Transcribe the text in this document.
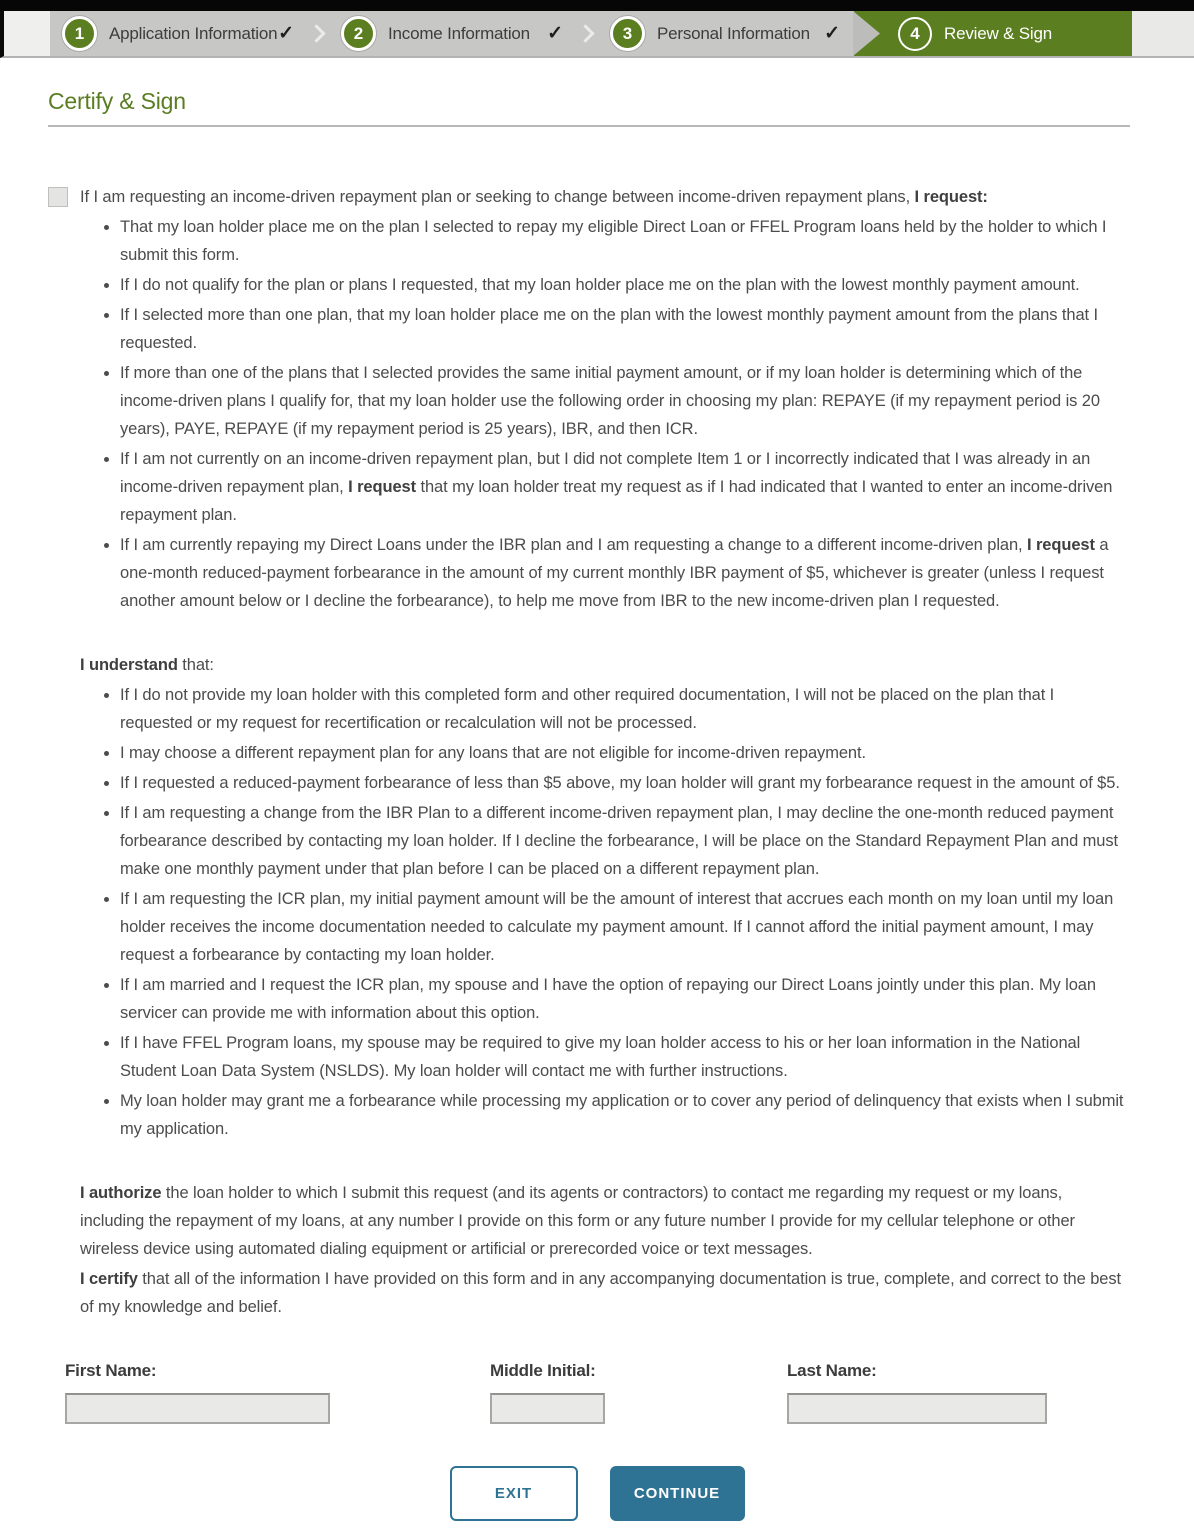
1	Application Information ✓	2	Income Information ✓	3	Personal Information ✓	4	Review & Sign
Certify & Sign

If I am requesting an income-driven repayment plan or seeking to change between income-driven repayment plans, I request:

• That my loan holder place me on the plan I selected to repay my eligible Direct Loan or FFEL Program loans held by the holder to which I submit this form.
• If I do not qualify for the plan or plans I requested, that my loan holder place me on the plan with the lowest monthly payment amount.
• If I selected more than one plan, that my loan holder place me on the plan with the lowest monthly payment amount from the plans that I requested.
• If more than one of the plans that I selected provides the same initial payment amount, or if my loan holder is determining which of the income-driven plans I qualify for, that my loan holder use the following order in choosing my plan: REPAYE (if my repayment period is 20 years), PAYE, REPAYE (if my repayment period is 25 years), IBR, and then ICR.
• If I am not currently on an income-driven repayment plan, but I did not complete Item 1 or I incorrectly indicated that I was already in an income-driven repayment plan, I request that my loan holder treat my request as if I had indicated that I wanted to enter an income-driven repayment plan.
• If I am currently repaying my Direct Loans under the IBR plan and I am requesting a change to a different income-driven plan, I request a one-month reduced-payment forbearance in the amount of my current monthly IBR payment of $5, whichever is greater (unless I request another amount below or I decline the forbearance), to help me move from IBR to the new income-driven plan I requested.

I understand that:

• If I do not provide my loan holder with this completed form and other required documentation, I will not be placed on the plan that I requested or my request for recertification or recalculation will not be processed.
• I may choose a different repayment plan for any loans that are not eligible for income-driven repayment.
• If I requested a reduced-payment forbearance of less than $5 above, my loan holder will grant my forbearance request in the amount of $5.
• If I am requesting a change from the IBR Plan to a different income-driven repayment plan, I may decline the one-month reduced payment forbearance described by contacting my loan holder. If I decline the forbearance, I will be place on the Standard Repayment Plan and must make one monthly payment under that plan before I can be placed on a different repayment plan.
• If I am requesting the ICR plan, my initial payment amount will be the amount of interest that accrues each month on my loan until my loan holder receives the income documentation needed to calculate my payment amount. If I cannot afford the initial payment amount, I may request a forbearance by contacting my loan holder.
• If I am married and I request the ICR plan, my spouse and I have the option of repaying our Direct Loans jointly under this plan. My loan servicer can provide me with information about this option.
• If I have FFEL Program loans, my spouse may be required to give my loan holder access to his or her loan information in the National Student Loan Data System (NSLDS). My loan holder will contact me with further instructions.
• My loan holder may grant me a forbearance while processing my application or to cover any period of delinquency that exists when I submit my application.

I authorize the loan holder to which I submit this request (and its agents or contractors) to contact me regarding my request or my loans, including the repayment of my loans, at any number I provide on this form or any future number I provide for my cellular telephone or other wireless device using automated dialing equipment or artificial or prerecorded voice or text messages.

I certify that all of the information I have provided on this form and in any accompanying documentation is true, complete, and correct to the best of my knowledge and belief.

First Name:	Middle Initial:	Last Name:
EXIT	CONTINUE
